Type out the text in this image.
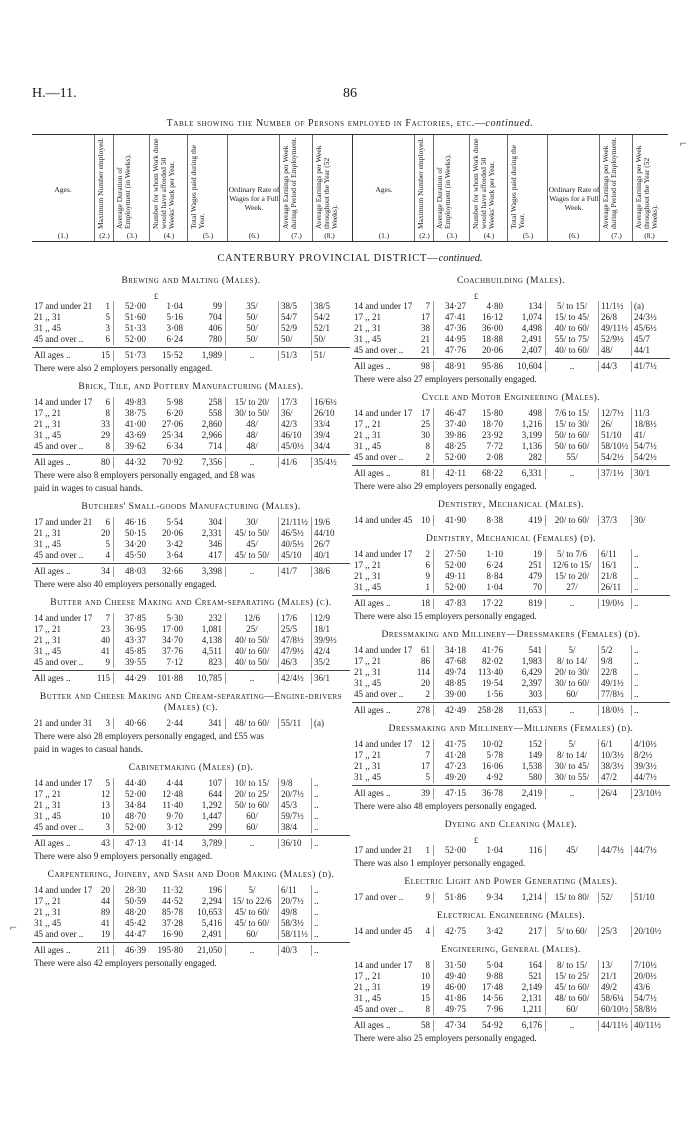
H.—11.	86
Table showing the Number of Persons employed in Factories, etc.—continued.
Ages.
(1.)
Maximum Number employed.
(2.)
Average Duration of Employment (in Weeks).
(3.)
Number for whom Work done would have afforded 50 Weeks' Work per Year.
(4.)
Total Wages paid during the Year.
(5.)
Ordinary Rate of Wages for a Full Week.
(6.)
Average Earnings per Week during Period of Employment.
(7.)
Average Earnings per Week throughout the Year (52 Weeks).
(8.)
Ages.
(1.)
Maximum Number employed.
(2.)
Average Duration of Employment (in Weeks).
(3.)
Number for whom Work done would have afforded 50 Weeks' Work per Year.
(4.)
Total Wages paid during the Year.
(5.)
Ordinary Rate of Wages for a Full Week.
(6.)
Average Earnings per Week during Period of Employment.
(7.)
Average Earnings per Week throughout the Year (52 Weeks).
(8.)
CANTERBURY PROVINCIAL DISTRICT—continued.
Brewing and Malting (Males).
£
17 and under 21	1	52·00	1·04	99	35/	38/5	38/5
21 ,, 31	5	51·60	5·16	704	50/	54/7	54/2
31 ,, 45	3	51·33	3·08	406	50/	52/9	52/1
45 and over ..	6	52·00	6·24	780	50/	50/	50/
All ages ..	15	51·73	15·52	1,989	..	51/3	51/
There were also 2 employers personally engaged.
Brick, Tile, and Pottery Manufacturing (Males).
14 and under 17	6	49·83	5·98	258	15/ to 20/	17/3	16/6½
17 ,, 21	8	38·75	6·20	558	30/ to 50/	36/	26/10
21 ,, 31	33	41·00	27·06	2,860	48/	42/3	33/4
31 ,, 45	29	43·69	25·34	2,966	48/	46/10	39/4
45 and over ..	8	39·62	6·34	714	48/	45/0½	34/4
All ages ..	80	44·32	70·92	7,356	..	41/6	35/4½
There were also 8 employers personally engaged, and £8 was
paid in wages to casual hands.
Butchers' Small-goods Manufacturing (Males).
17 and under 21	6	46·16	5·54	304	30/	21/11½ 19/6
21 ,, 31	20	50·15	20·06	2,331	45/ to 50/	46/5½	44/10
31 ,, 45	5	34·20	3·42	346	45/	40/5½	26/7
45 and over ..	4	45·50	3·64	417	45/ to 50/	45/10	40/1
All ages ..	34	48·03	32·66	3,398	..	41/7	38/6
There were also 40 employers personally engaged.
Butter and Cheese Making and Cream-separating (Males) (c).
14 and under 17	7	37·85	5·30	232	12/6	17/6	12/9
17 ,, 21	23	36·95	17·00	1,081	25/	25/5	18/1
21 ,, 31	40	43·37	34·70	4,138	40/ to 50/	47/8½	39/9½
31 ,, 45	41	45·85	37·76	4,511	40/ to 60/	47/9½	42/4
45 and over ..	9	39·55	7·12	823	40/ to 50/	46/3	35/2
All ages ..	115	44·29	101·88	10,785	..	42/4½	36/1
Butter and Cheese Making and Cream-separating—Engine-drivers (Males) (c).
21 and under 31	3	40·66	2·44	341	48/ to 60/	55/11	(a)
There were also 28 employers personally engaged, and £55 was
paid in wages to casual hands.
Cabinetmaking (Males) (d).
14 and under 17	5	44·40	4·44	107	10/ to 15/	9/8	..
17 ,, 21	12	52·00	12·48	644	20/ to 25/	20/7½	..
21 ,, 31	13	34·84	11·40	1,292	50/ to 60/	45/3	..
31 ,, 45	10	48·70	9·70	1,447	60/	59/7½	..
45 and over ..	3	52·00	3·12	299	60/	38/4	..
All ages ..	43	47·13	41·14	3,789	..	36/10	..
There were also 9 employers personally engaged.
Carpentering, Joinery, and Sash and Door Making (Males) (d).
14 and under 17 20	28·30	11·32	196	5/	6/11	..
17 ,, 21	44	50·59	44·52	2,294	15/ to 22/6	20/7½	..
21 ,, 31	89	48·20	85·78	10,653	45/ to 60/	49/8	..
31 ,, 45	41	45·42	37·28	5,416	45/ to 60/	58/3½	..
45 and over ..	19	44·47	16·90	2,491	60/	58/11½ ..
All ages ..	211	46·39	195·80	21,050	..	40/3	..
There were also 42 employers personally engaged.
Coachbuilding (Males).
£
14 and under 17	7	34·27	4·80	134	5/ to 15/	11/1½	(a)
17 ,, 21	17	47·41	16·12	1,074	15/ to 45/	26/8	24/3½
21 ,, 31	38	47·36	36·00	4,498	40/ to 60/	49/11½ 45/6½
31 ,, 45	21	44·95	18·88	2,491	55/ to 75/	52/9½	45/7
45 and over ..	21	47·76	20·06	2,407	40/ to 60/	48/	44/1
All ages ..	98	48·91	95·86	10,604	..	44/3	41/7½
There were also 27 employers personally engaged.
Cycle and Motor Engineering (Males).
14 and under 17 17	46·47	15·80	498	7/6 to 15/	12/7½	11/3
17 ,, 21	25	37·40	18·70	1,216	15/ to 30/	26/	18/8½
21 ,, 31	30	39·86	23·92	3,199	50/ to 60/	51/10	41/
31 ,, 45	8	48·25	7·72	1,136	50/ to 60/	58/10½ 54/7½
45 and over ..	2	52·00	2·08	282	55/	54/2½	54/2½
All ages ..	81	42·11	68·22	6,331	..	37/1½	30/1
There were also 29 employers personally engaged.
Dentistry, Mechanical (Males).
14 and under 45 10	41·90	8·38	419	20/ to 60/	37/3	30/
Dentistry, Mechanical (Females) (d).
14 and under 17	2	27·50	1·10	19	5/ to 7/6	6/11	..
17 ,, 21	6	52·00	6·24	251	12/6 to 15/	16/1	..
21 ,, 31	9	49·11	8·84	479	15/ to 20/	21/8	..
31 ,, 45	1	52·00	1·04	70	27/	26/11	..
All ages ..	18	47·83	17·22	819	..	19/0½	..
There were also 15 employers personally engaged.
Dressmaking and Millinery—Dressmakers (Females) (d).
14 and under 17 61	34·18	41·76	541	5/	5/2	..
17 ,, 21	86	47·68	82·02	1,983	8/ to 14/	9/8	..
21 ,, 31	114	49·74	113·40	6,429	20/ to 30/	22/8	..
31 ,, 45	20	48·85	19·54	2,397	30/ to 60/	49/1½	..
45 and over ..	2	39·00	1·56	303	60/	77/8½	..
All ages ..	278	42·49	258·28	11,653	..	18/0½	..
Dressmaking and Millinery—Milliners (Females) (d).
14 and under 17 12	41·75	10·02	152	5/	6/1	4/10½
17 ,, 21	7	41·28	5·78	149	8/ to 14/	10/3½	8/2½
21 ,, 31	17	47·23	16·06	1,538	30/ to 45/	38/3½	39/3½
31 ,, 45	5	49·20	4·92	580	30/ to 55/	47/2	44/7½
All ages ..	39	47·15	36·78	2,419	..	26/4	23/10½
There were also 48 employers personally engaged.
Dyeing and Cleaning (Male).
£
17 and under 21	1	52·00	1·04	116	45/	44/7½	44/7½
There was also 1 employer personally engaged.
Electric Light and Power Generating (Males).
17 and over ..	9	51·86	9·34	1,214	15/ to 80/	52/	51/10
Electrical Engineering (Males).
14 and under 45	4	42·75	3·42	217	5/ to 60/	25/3	20/10½
Engineering, General (Males).
14 and under 17	8	31·50	5·04	164	8/ to 15/	13/	7/10½
17 ,, 21	10	49·40	9·88	521	15/ to 25/	21/1	20/0½
21 ,, 31	19	46·00	17·48	2,149	45/ to 60/	49/2	43/6
31 ,, 45	15	41·86	14·56	2,131	48/ to 60/	58/6¼	54/7½
45 and over ..	8	49·75	7·96	1,211	60/	60/10½ 58/8½
All ages ..	58	47·34	54·92	6,176	..	44/11½ 40/11½
There were also 25 employers personally engaged.
⌐
⌐
